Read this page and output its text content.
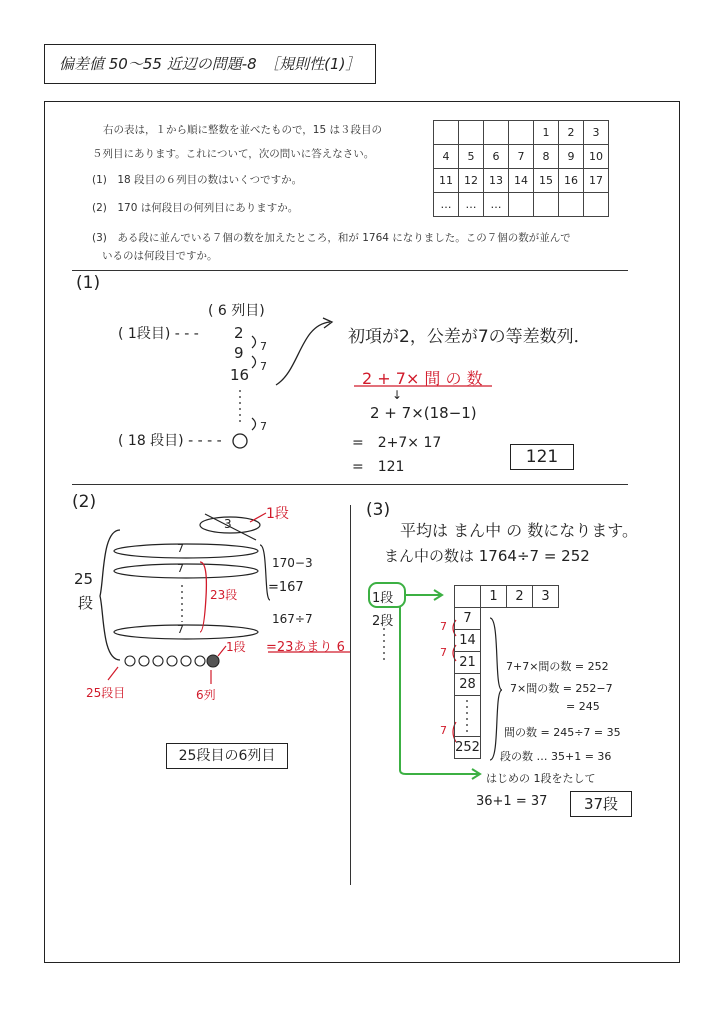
偏差値 50〜55 近辺の問題-8　［規則性(1)］
右の表は，１から順に整数を並べたもので，15 は３段目の
５列目にあります。これについて，次の問いに答えなさい。
(1)　18 段目の６列目の数はいくつですか。
(2)　170 は何段目の何列目にありますか。
(3)　ある段に並んでいる７個の数を加えたところ，和が 1764 になりました。この７個の数が並んで
いるのは何段目ですか。
				1	2	3
4	5	6	7	8	9	10
11	12	13	14	15	16	17
…	…	…				
(1)
( 6 列目)
( 1段目) - - - 2
9
16
7
7
7
( 18 段目) - - - -
初項が2，公差が7の等差数列．
2 + 7× 間 の 数
↓
2 + 7×(18−1)
=　2+7× 17
=　121	121
(2)
3
7
7
7
25
段	23段
1段
1段
170−3
=167
167÷7
=23あまり 6
25段目	6列
25段目の6列目
(3)
平均は まん中 の 数になります。
まん中の数は 1764÷7 = 252
1段
2段
	1	2	3
7			
14			
21			
28			

252			
7
7
7
7+7×間の数 = 252
7×間の数 = 252−7
= 245
間の数 = 245÷7 = 35
段の数 … 35+1 = 36
はじめの 1段をたして
36+1 = 37	37段
